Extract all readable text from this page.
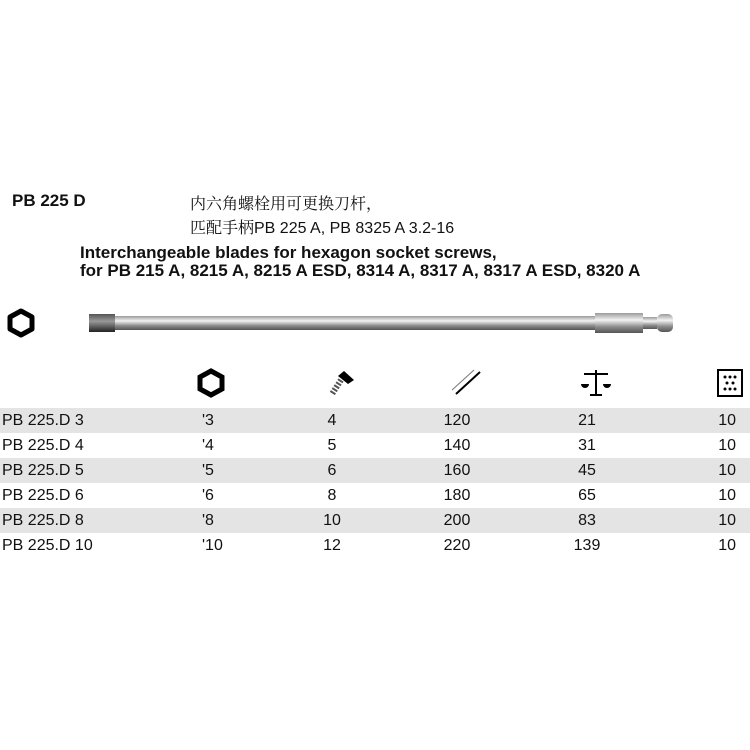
PB 225 D	内六角螺栓用可更换刀杆，
匹配手柄PB 225 A, PB 8325 A 3.2-16
Interchangeable blades for hexagon socket screws,
for PB 215 A, 8215 A, 8215 A ESD, 8314 A, 8317 A, 8317 A ESD, 8320 A
PB 225.D 3	'3	4	120	21	10
PB 225.D 4	'4	5	140	31	10
PB 225.D 5	'5	6	160	45	10
PB 225.D 6	'6	8	180	65	10
PB 225.D 8	'8	10	200	83	10
PB 225.D 10	'10	12	220	139	10
